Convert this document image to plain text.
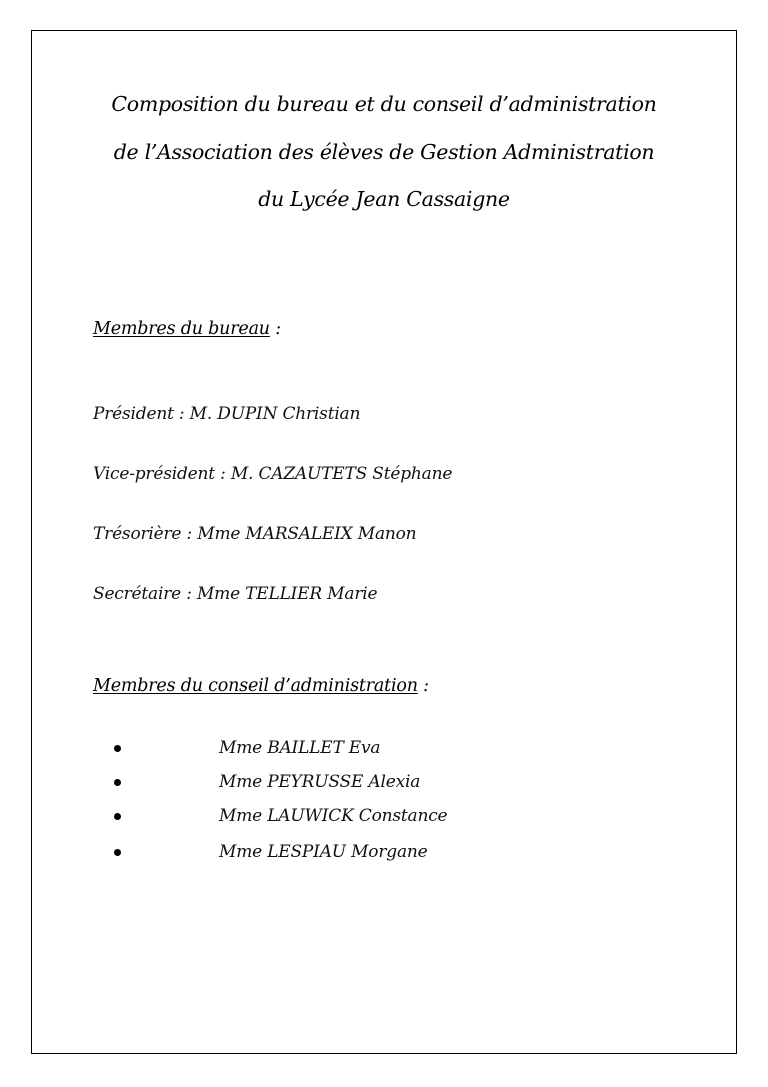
Composition du bureau et du conseil d’administration
de l’Association des élèves de Gestion Administration
du Lycée Jean Cassaigne
Membres du bureau :
Président : M. DUPIN Christian
Vice-président : M. CAZAUTETS Stéphane
Trésorière : Mme MARSALEIX Manon
Secrétaire : Mme TELLIER Marie
Membres du conseil d’administration :
Mme BAILLET Eva
Mme PEYRUSSE Alexia
Mme LAUWICK Constance
Mme LESPIAU Morgane
